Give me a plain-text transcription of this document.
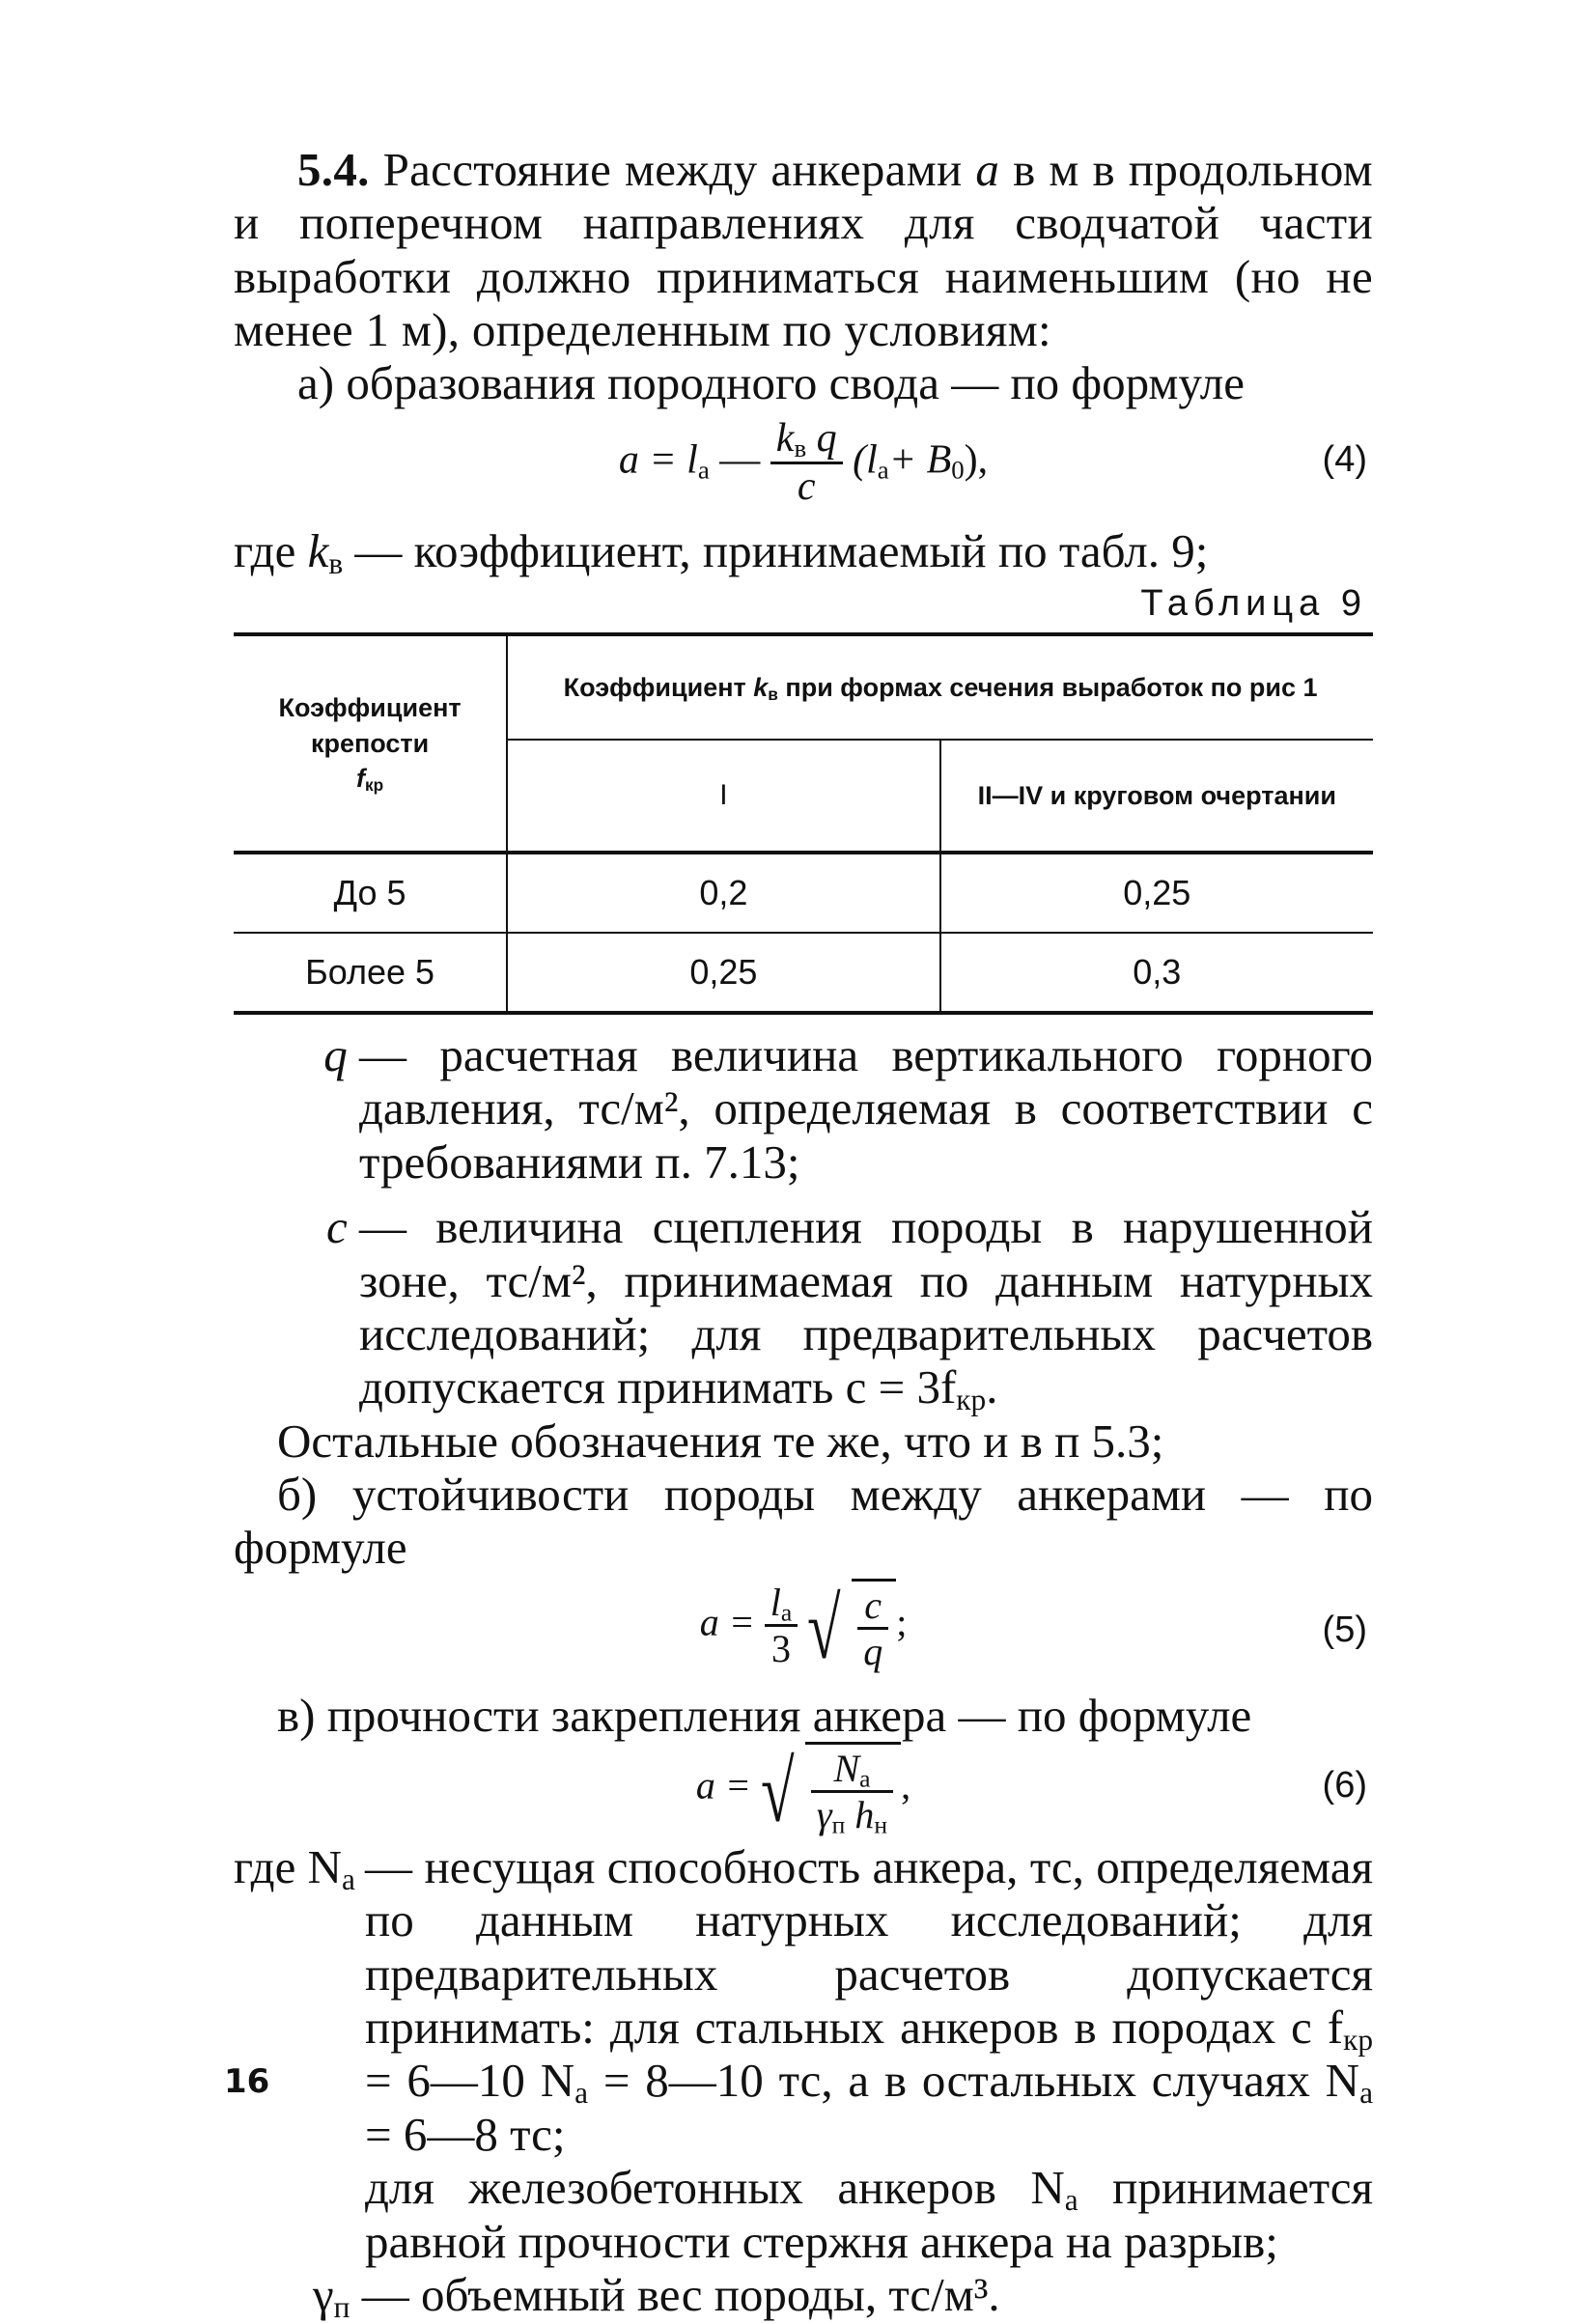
5.4. Расстояние между анкерами a в м в продольном и поперечном направлениях для сводчатой части выработки должно приниматься наименьшим (но не менее 1 м), определенным по условиям:

а) образования породного свода — по формуле

$a = l_а$ — $\frac{k_в q}{c} (l_а+ B_0)$,	(4)

где $k_в$ — коэффициент, принимаемый по табл. 9;

Таблица 9
Коэффициент крепости
$f_{кр}$	Коэффициент $k_в$ при формах сечения выработок по рис 1	
	I	II—IV и круговом очертании
До 5	0,2	0,25
Более 5	0,25	0,3
q — расчетная величина вертикального горного давления, тс/м², определяемая в соответствии с требованиями п. 7.13;
c — величина сцепления породы в нарушенной зоне, тс/м², принимаемая по данным натурных исследований; для предварительных расчетов допускается принимать $c = 3f_{кр}$.

Остальные обозначения те же, что и в п 5.3;

б) устойчивости породы между анкерами — по формуле

$a = \frac{l_а}{3}$
√ $\frac{c}{q}$ ;	(5)

в) прочности закрепления анкера — по формуле

a = √ $\frac{N_а}{\gamma_п h_н}$ ,	(6)
где $N_а$ — несущая способность анкера, тс, определяемая по данным натурных исследований; для предварительных расчетов допускается принимать: для стальных анкеров в породах с $f_{кр}$ = 6—10 $N_а$ = 8—10 тс, а в остальных случаях $N_а$ = 6—8 тс;
для железобетонных анкеров $N_а$ принимается равной прочности стержня анкера на разрыв;

$\gamma_п$ — объемный вес породы, тс/м³.

16
